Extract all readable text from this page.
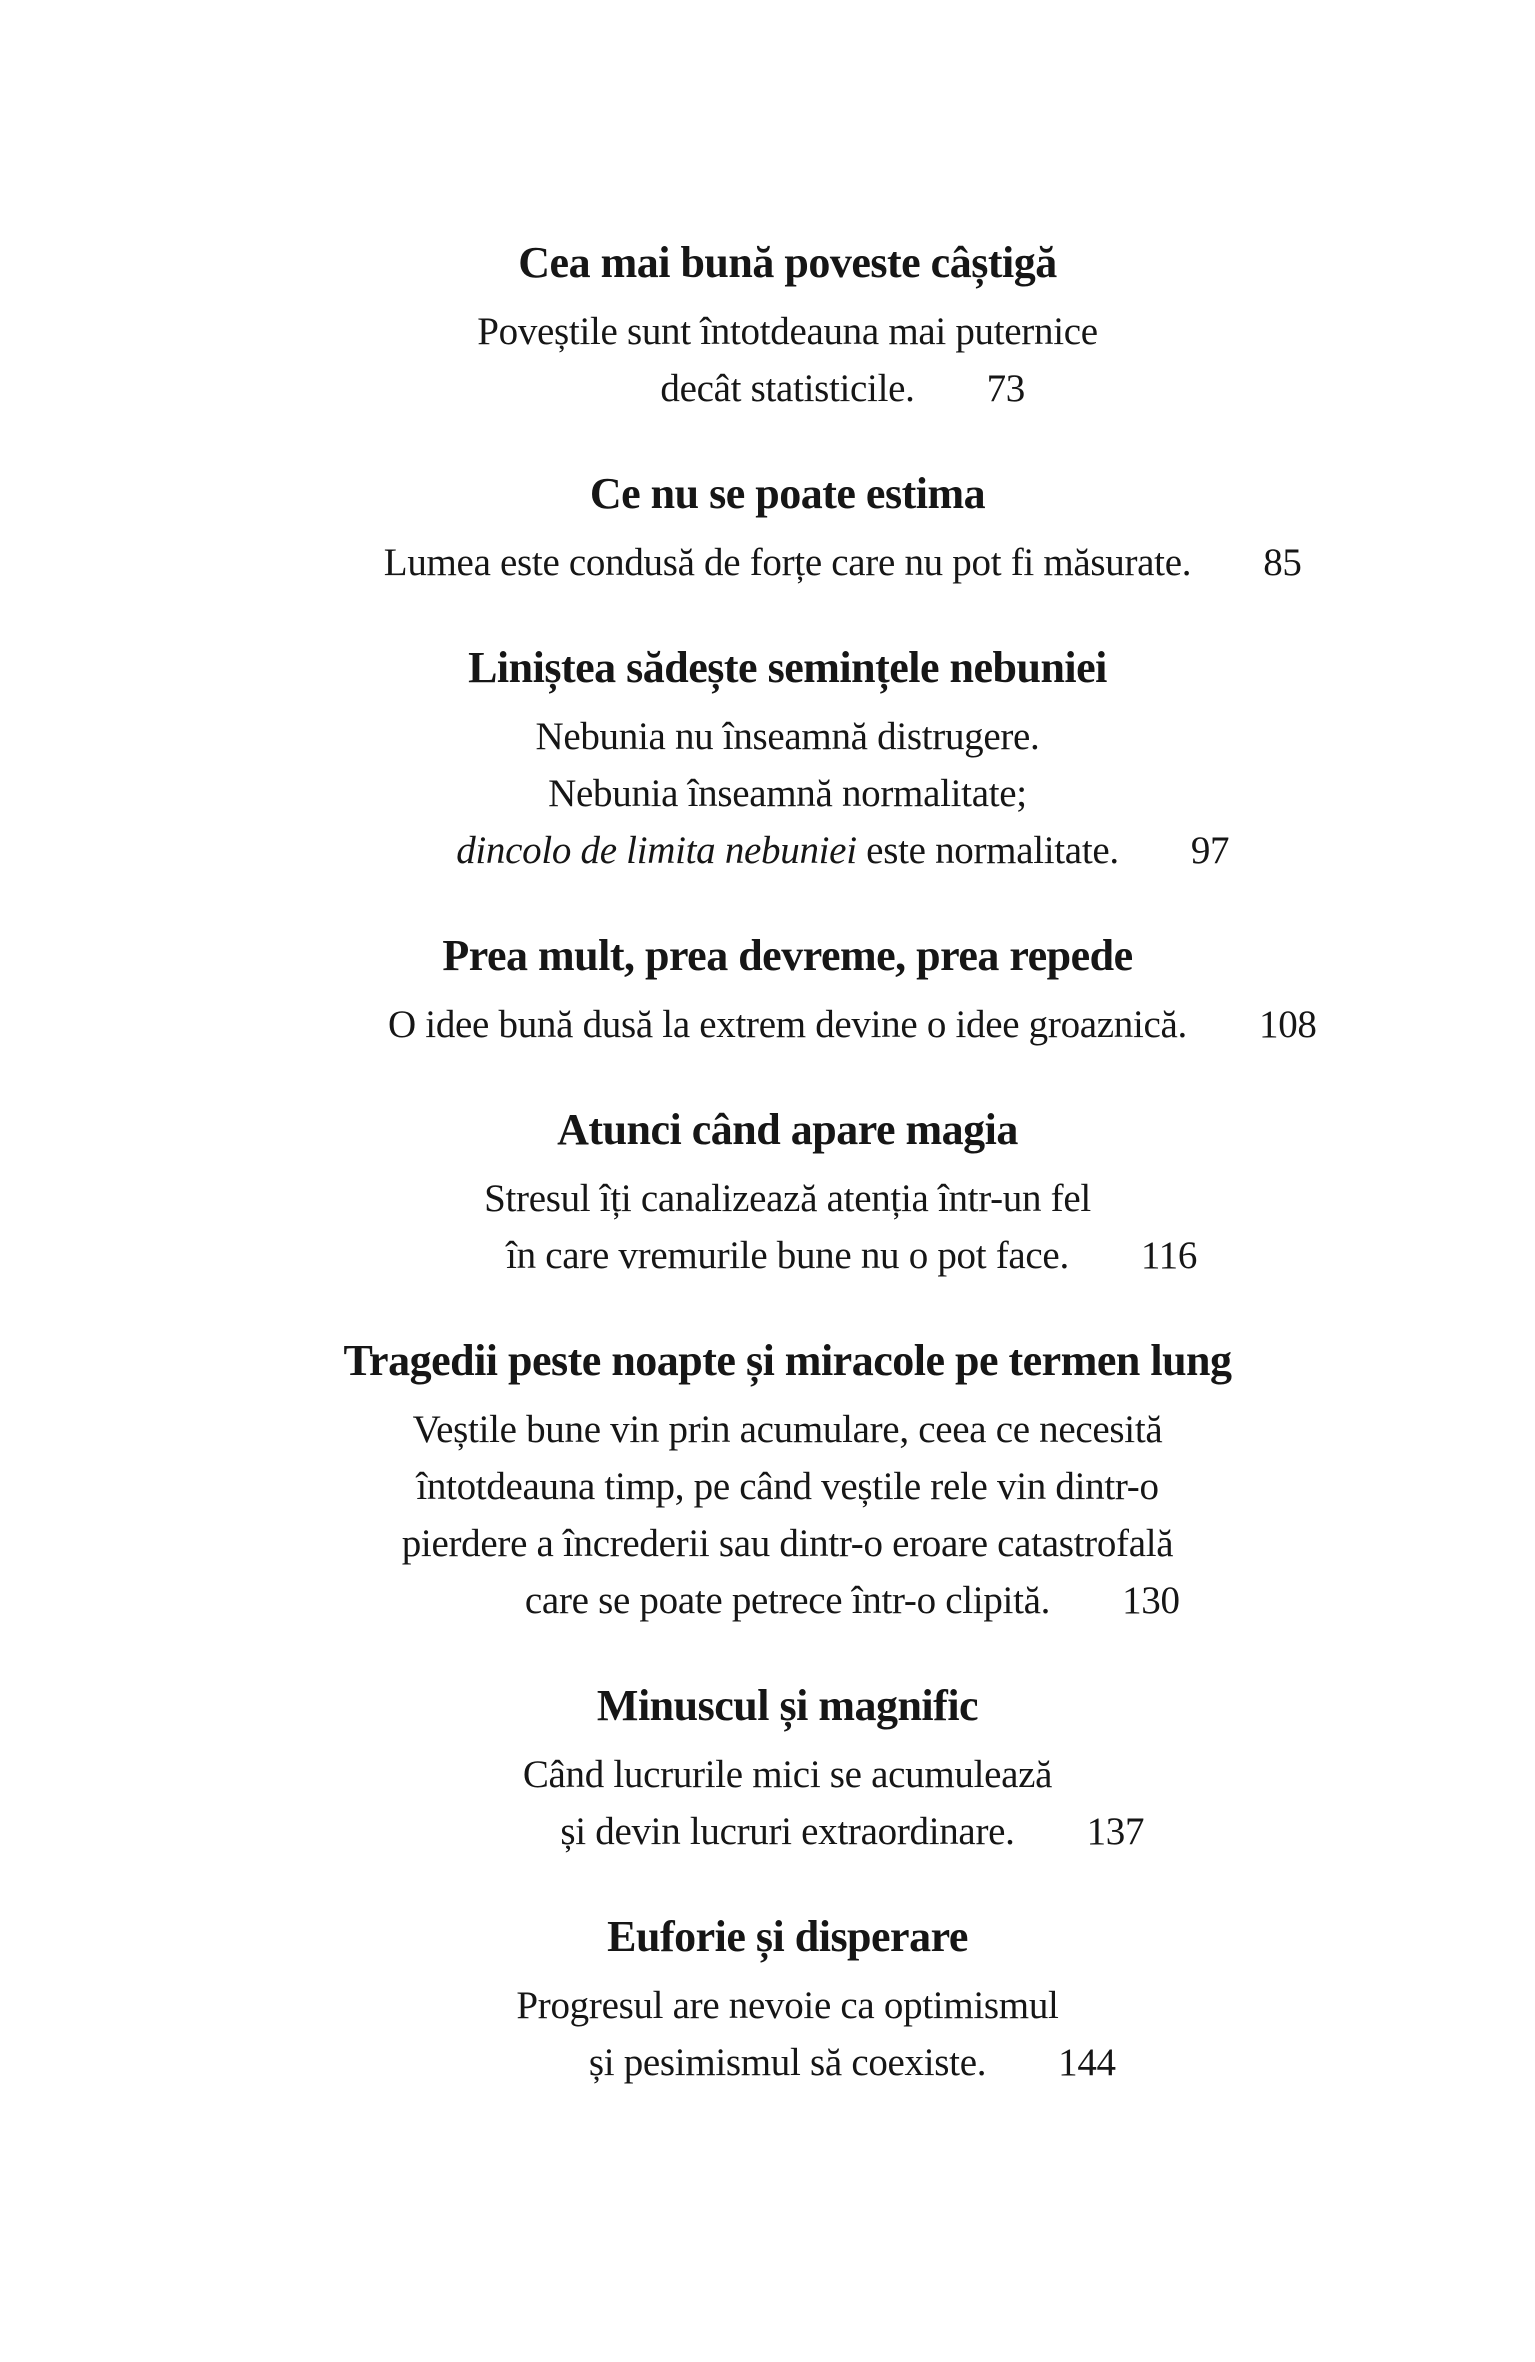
Cea mai bună poveste câștigă
Poveștile sunt întotdeauna mai puternice
decât statisticile. 73
Ce nu se poate estima
Lumea este condusă de forțe care nu pot fi măsurate. 85
Liniștea sădește semințele nebuniei
Nebunia nu înseamnă distrugere.
Nebunia înseamnă normalitate;
dincolo de limita nebuniei este normalitate. 97
Prea mult, prea devreme, prea repede
O idee bună dusă la extrem devine o idee groaznică. 108
Atunci când apare magia
Stresul îți canalizează atenția într-un fel
în care vremurile bune nu o pot face. 116
Tragedii peste noapte și miracole pe termen lung
Veștile bune vin prin acumulare, ceea ce necesită
întotdeauna timp, pe când veștile rele vin dintr-o
pierdere a încrederii sau dintr-o eroare catastrofală
care se poate petrece într-o clipită. 130
Minuscul și magnific
Când lucrurile mici se acumulează
și devin lucruri extraordinare. 137
Euforie și disperare
Progresul are nevoie ca optimismul
și pesimismul să coexiste. 144
